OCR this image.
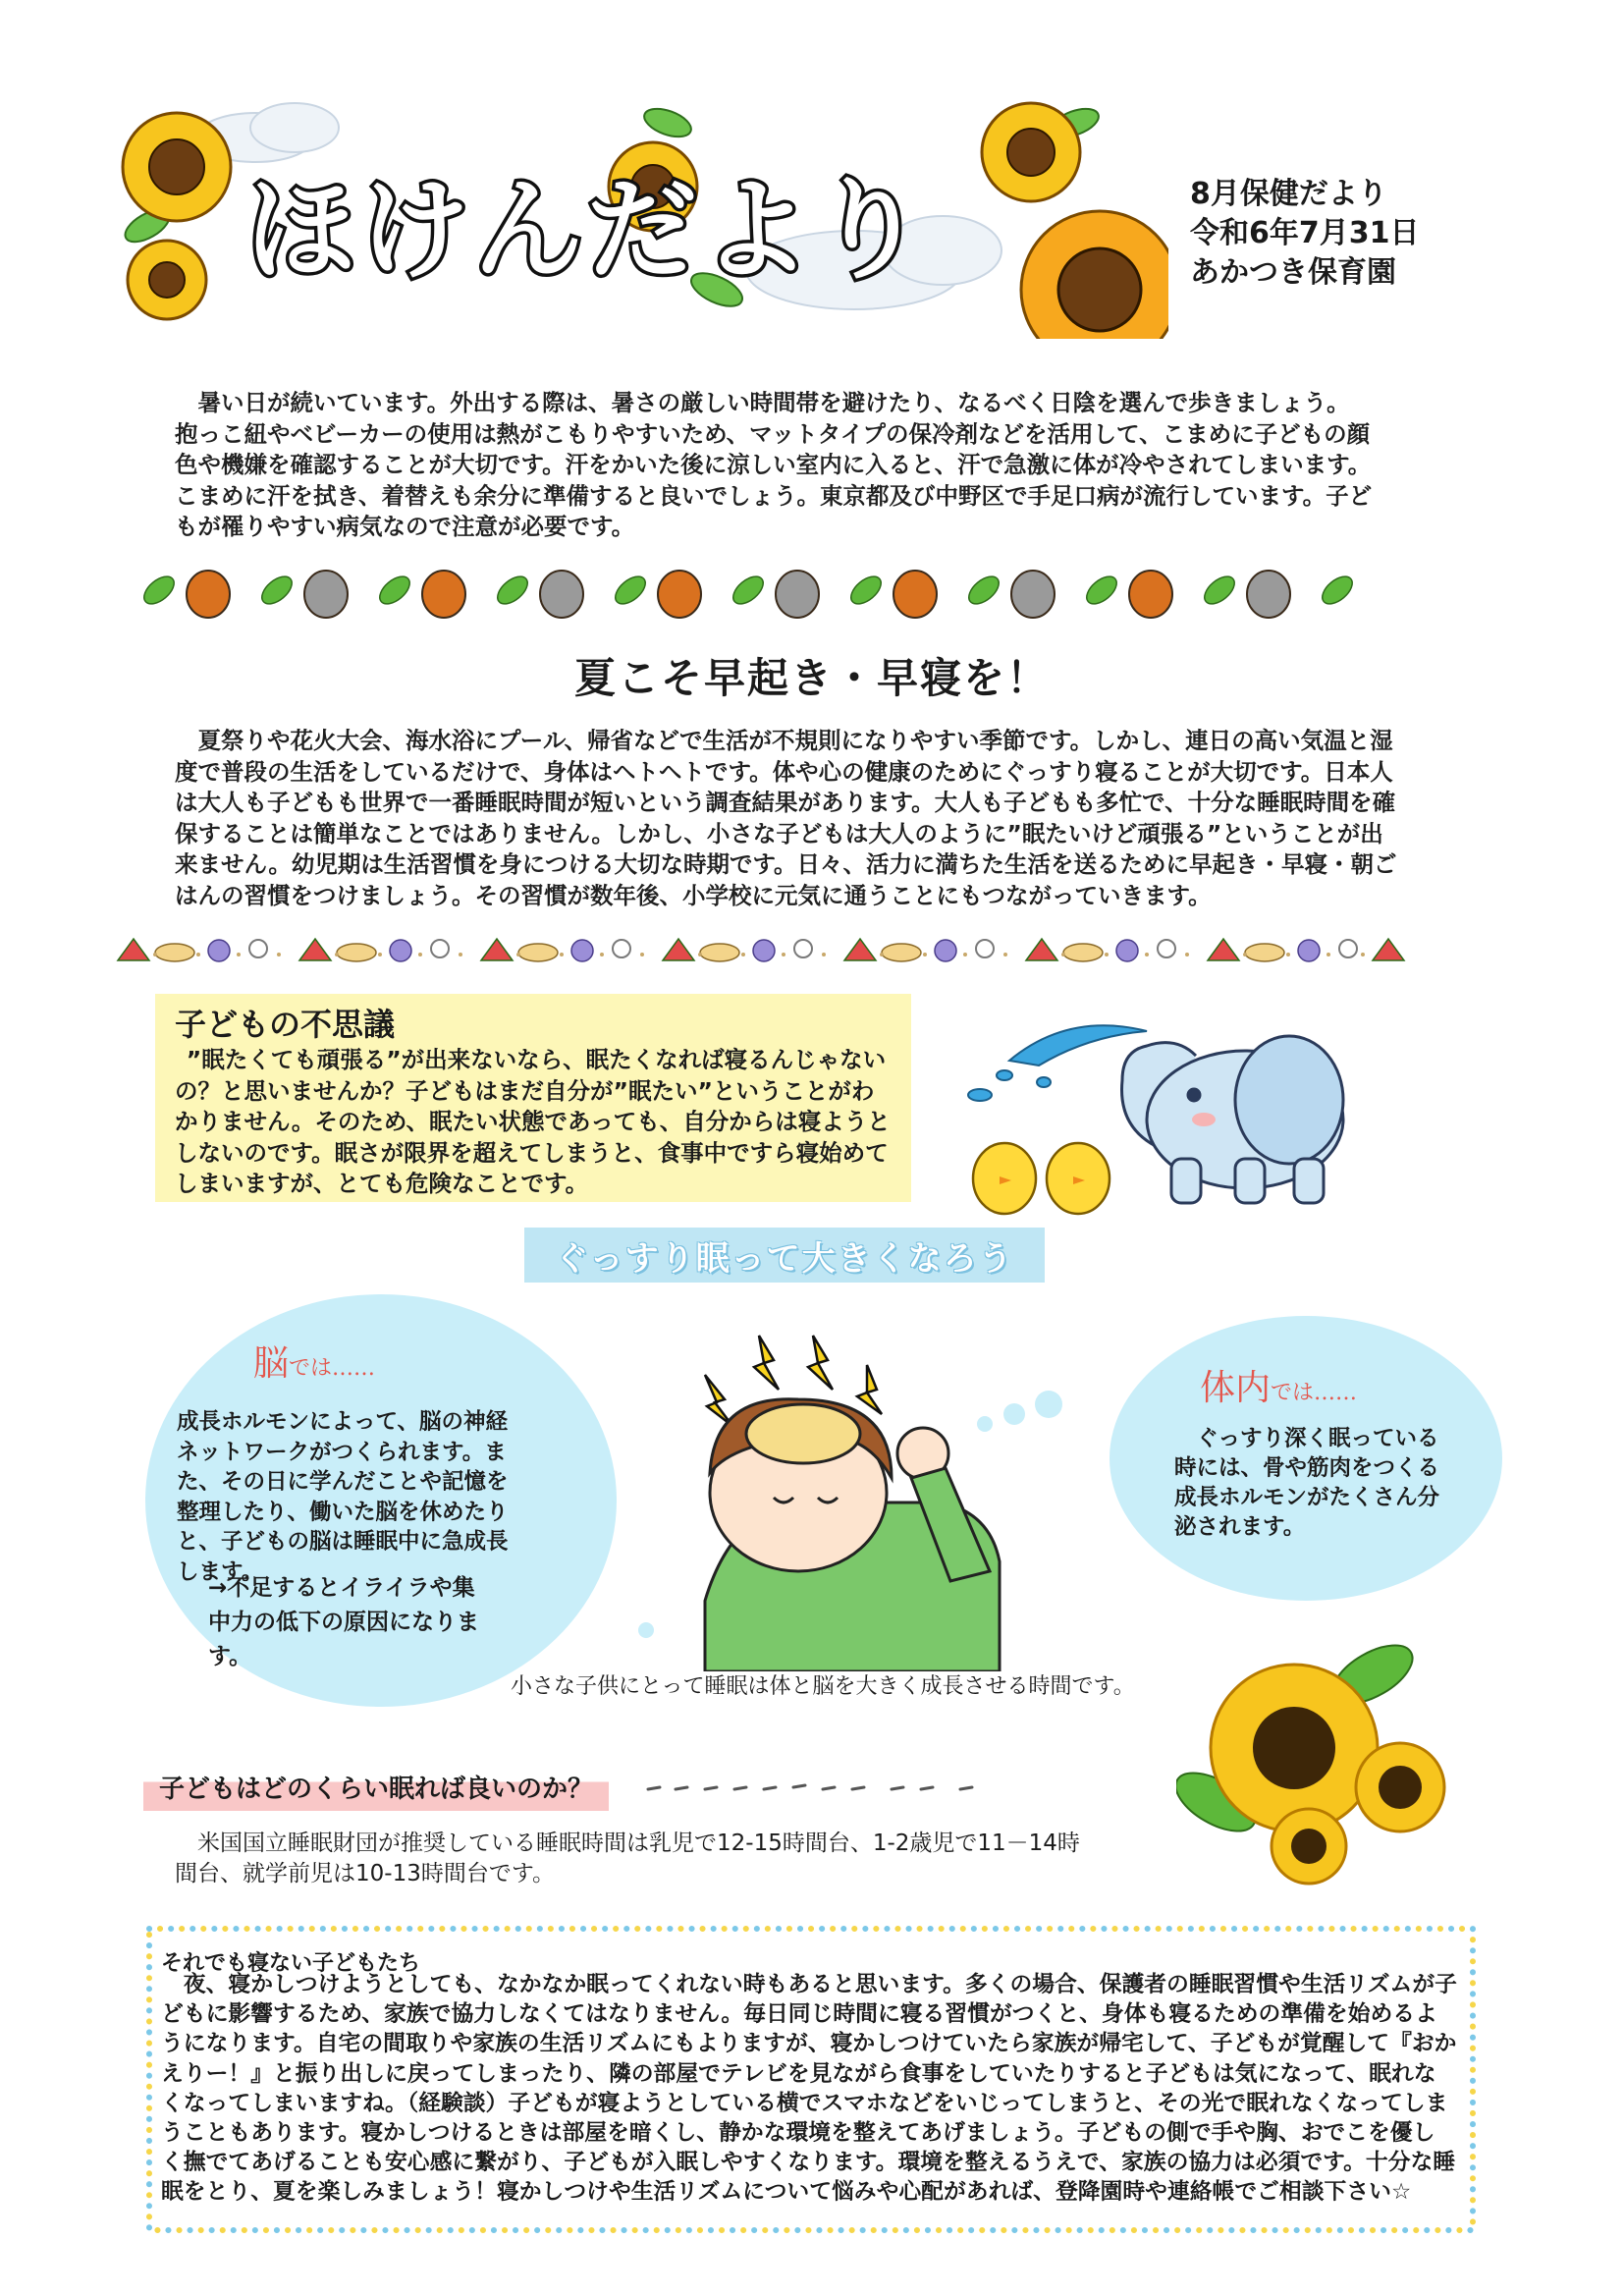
ほけんだより	8月保健だより
令和6年7月31日
あかつき保育園

暑い日が続いています。外出する際は、暑さの厳しい時間帯を避けたり、なるべく日陰を選んで歩きましょう。抱っこ紐やベビーカーの使用は熱がこもりやすいため、マットタイプの保冷剤などを活用して、こまめに子どもの顔色や機嫌を確認することが大切です。汗をかいた後に涼しい室内に入ると、汗で急激に体が冷やされてしまいます。こまめに汗を拭き、着替えも余分に準備すると良いでしょう。東京都及び中野区で手足口病が流行しています。子どもが罹りやすい病気なので注意が必要です。

夏こそ早起き・早寝を！

夏祭りや花火大会、海水浴にプール、帰省などで生活が不規則になりやすい季節です。しかし、連日の高い気温と湿度で普段の生活をしているだけで、身体はヘトヘトです。体や心の健康のためにぐっすり寝ることが大切です。日本人は大人も子どもも世界で一番睡眠時間が短いという調査結果があります。大人も子どもも多忙で、十分な睡眠時間を確保することは簡単なことではありません。しかし、小さな子どもは大人のように”眠たいけど頑張る”ということが出来ません。幼児期は生活習慣を身につける大切な時期です。日々、活力に満ちた生活を送るために早起き・早寝・朝ごはんの習慣をつけましょう。その習慣が数年後、小学校に元気に通うことにもつながっていきます。

子どもの不思議

”眠たくても頑張る”が出来ないなら、眠たくなれば寝るんじゃないの？と思いませんか？子どもはまだ自分が”眠たい”ということがわかりません。そのため、眠たい状態であっても、自分からは寝ようとしないのです。眠さが限界を超えてしまうと、食事中ですら寝始めてしまいますが、とても危険なことです。

ぐっすり眠って大きくなろう
脳では……

成長ホルモンによって、脳の神経ネットワークがつくられます。また、その日に学んだことや記憶を整理したり、働いた脳を休めたりと、子どもの脳は睡眠中に急成長します。

→不足するとイライラや集中力の低下の原因になります。

体内では……

ぐっすり深く眠っている時には、骨や筋肉をつくる成長ホルモンがたくさん分泌されます。

小さな子供にとって睡眠は体と脳を大きく成長させる時間です。
子どもはどのくらい眠れば良いのか？

米国国立睡眠財団が推奨している睡眠時間は乳児で12-15時間台、1-2歳児で11－14時間台、就学前児は10-13時間台です。

それでも寝ない子どもたち

夜、寝かしつけようとしても、なかなか眠ってくれない時もあると思います。多くの場合、保護者の睡眠習慣や生活リズムが子どもに影響するため、家族で協力しなくてはなりません。毎日同じ時間に寝る習慣がつくと、身体も寝るための準備を始めるようになります。自宅の間取りや家族の生活リズムにもよりますが、寝かしつけていたら家族が帰宅して、子どもが覚醒して『おかえりー！』と振り出しに戻ってしまったり、隣の部屋でテレビを見ながら食事をしていたりすると子どもは気になって、眠れなくなってしまいますね。（経験談）子どもが寝ようとしている横でスマホなどをいじってしまうと、その光で眠れなくなってしまうこともあります。寝かしつけるときは部屋を暗くし、静かな環境を整えてあげましょう。子どもの側で手や胸、おでこを優しく撫でてあげることも安心感に繋がり、子どもが入眠しやすくなります。環境を整えるうえで、家族の協力は必須です。十分な睡眠をとり、夏を楽しみましょう！寝かしつけや生活リズムについて悩みや心配があれば、登降園時や連絡帳でご相談下さい☆
